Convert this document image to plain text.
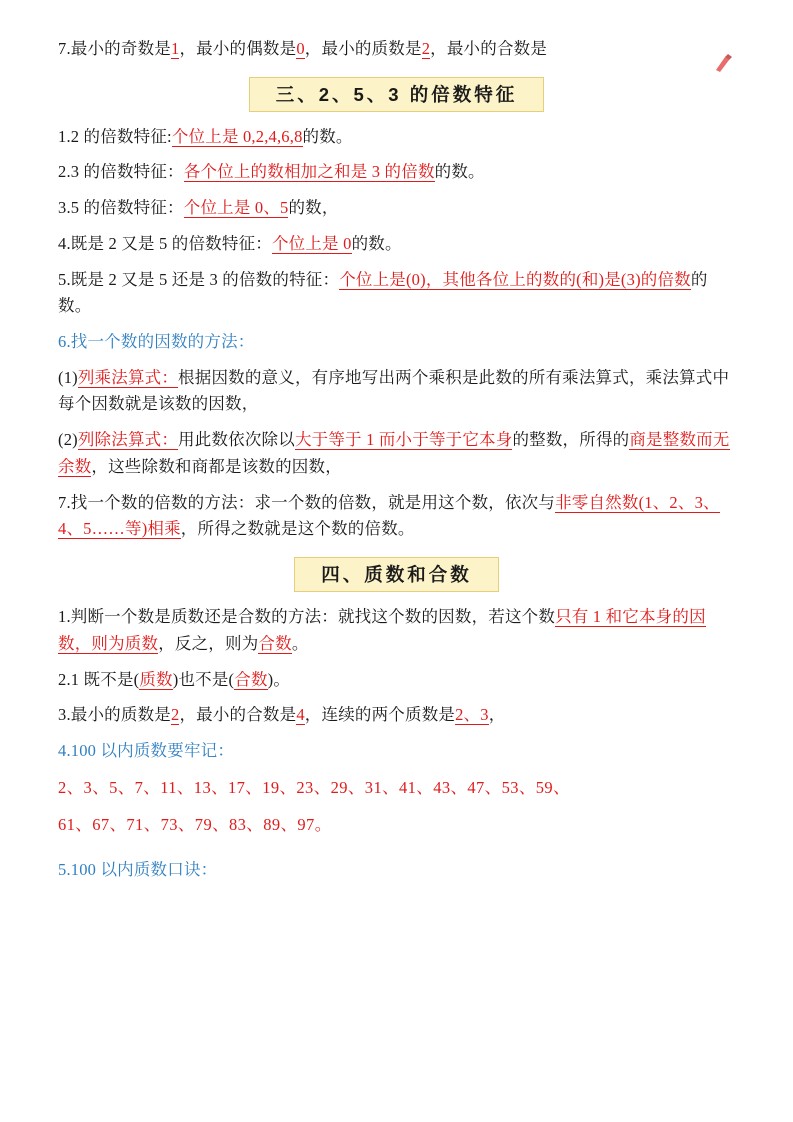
7.最小的奇数是1，最小的偶数是0，最小的质数是2，最小的合数是

三、2、5、3 的倍数特征

1.2 的倍数特征:个位上是 0,2,4,6,8的数。

2.3 的倍数特征：各个位上的数相加之和是 3 的倍数的数。

3.5 的倍数特征：个位上是 0、5的数，

4.既是 2 又是 5 的倍数特征：个位上是 0的数。

5.既是 2 又是 5 还是 3 的倍数的特征：个位上是(0)，其他各位上的数的(和)是(3)的倍数的数。

6.找一个数的因数的方法：

(1)列乘法算式：根据因数的意义，有序地写出两个乘积是此数的所有乘法算式，乘法算式中每个因数就是该数的因数，

(2)列除法算式：用此数依次除以大于等于 1 而小于等于它本身的整数，所得的商是整数而无余数，这些除数和商都是该数的因数，

7.找一个数的倍数的方法：求一个数的倍数，就是用这个数，依次与非零自然数(1、2、3、4、5……等)相乘，所得之数就是这个数的倍数。

四、质数和合数

1.判断一个数是质数还是合数的方法：就找这个数的因数，若这个数只有 1 和它本身的因数，则为质数，反之，则为合数。

2.1 既不是(质数)也不是(合数)。

3.最小的质数是2，最小的合数是4，连续的两个质数是2、3，

4.100 以内质数要牢记：

2、3、5、7、11、13、17、19、23、29、31、41、43、47、53、59、

61、67、71、73、79、83、89、97。

5.100 以内质数口诀：
